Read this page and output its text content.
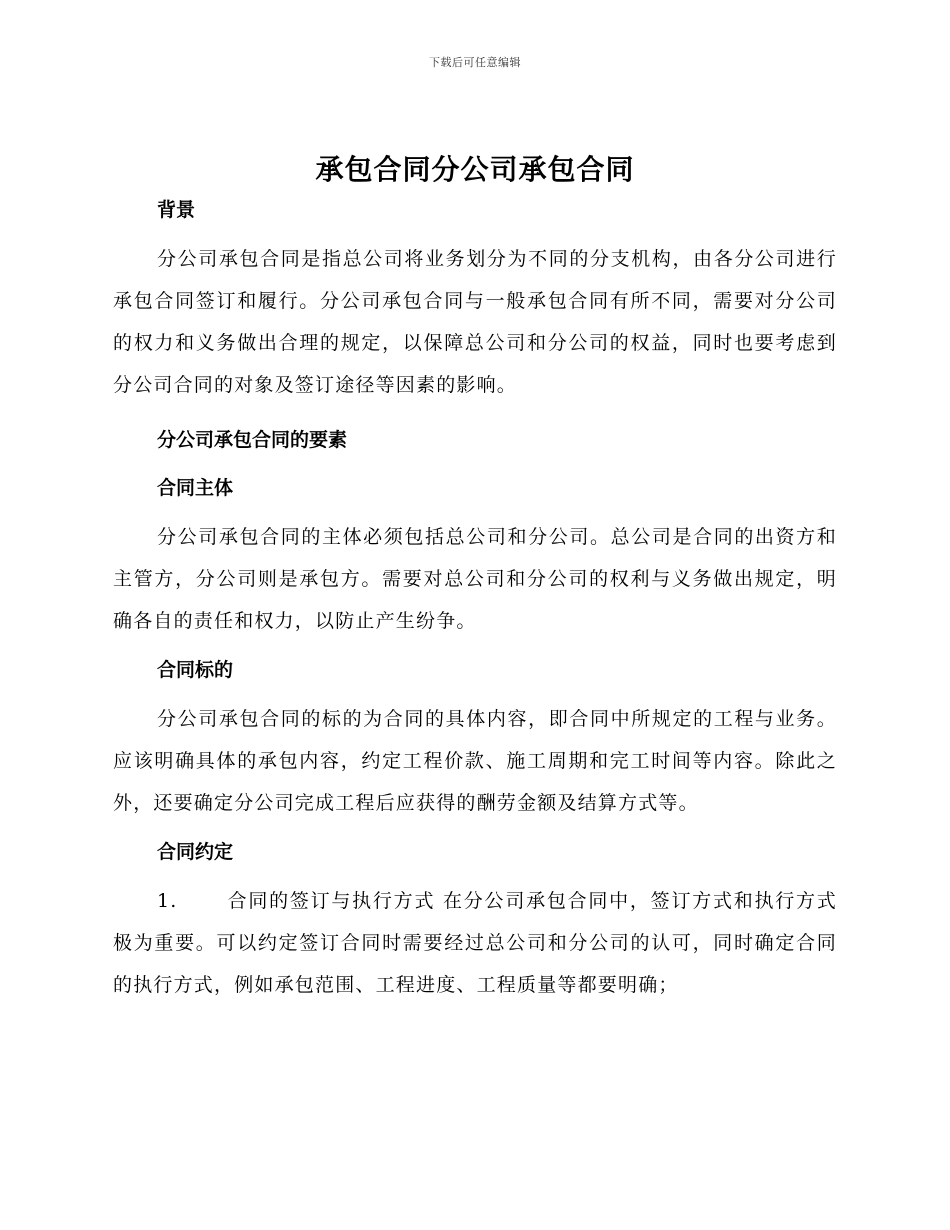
下载后可任意编辑
承包合同分公司承包合同

背景

分公司承包合同是指总公司将业务划分为不同的分支机构，由各分公司进行承包合同签订和履行。分公司承包合同与一般承包合同有所不同，需要对分公司的权力和义务做出合理的规定，以保障总公司和分公司的权益，同时也要考虑到分公司合同的对象及签订途径等因素的影响。

分公司承包合同的要素

合同主体

分公司承包合同的主体必须包括总公司和分公司。总公司是合同的出资方和主管方，分公司则是承包方。需要对总公司和分公司的权利与义务做出规定，明确各自的责任和权力，以防止产生纷争。

合同标的

分公司承包合同的标的为合同的具体内容，即合同中所规定的工程与业务。应该明确具体的承包内容，约定工程价款、施工周期和完工时间等内容。除此之外，还要确定分公司完成工程后应获得的酬劳金额及结算方式等。

合同约定

1.	合同的签订与执行方式 在分公司承包合同中，签订方式和执行方式极为重要。可以约定签订合同时需要经过总公司和分公司的认可，同时确定合同的执行方式，例如承包范围、工程进度、工程质量等都要明确；
